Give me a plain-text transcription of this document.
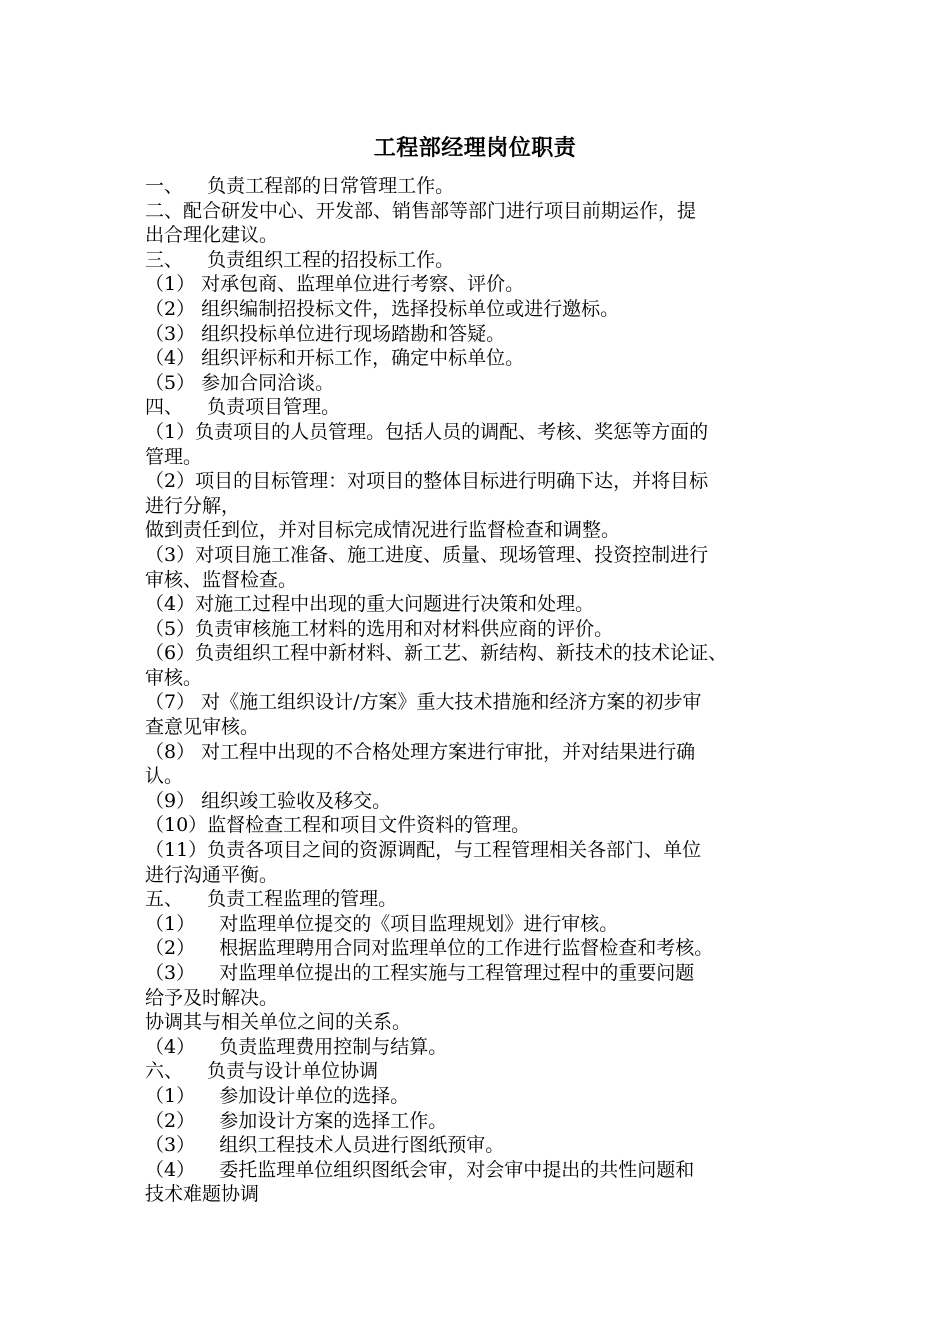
工程部经理岗位职责
一、    负责工程部的日常管理工作。
二、配合研发中心、开发部、销售部等部门进行项目前期运作，提
出合理化建议。
三、    负责组织工程的招投标工作。
（1） 对承包商、监理单位进行考察、评价。
（2） 组织编制招投标文件，选择投标单位或进行邀标。
（3） 组织投标单位进行现场踏勘和答疑。
（4） 组织评标和开标工作，确定中标单位。
（5） 参加合同洽谈。
四、    负责项目管理。
（1）负责项目的人员管理。包括人员的调配、考核、奖惩等方面的
管理。
（2）项目的目标管理：对项目的整体目标进行明确下达，并将目标
进行分解，
做到责任到位，并对目标完成情况进行监督检查和调整。
（3）对项目施工准备、施工进度、质量、现场管理、投资控制进行
审核、监督检查。
（4）对施工过程中出现的重大问题进行决策和处理。
（5）负责审核施工材料的选用和对材料供应商的评价。
（6）负责组织工程中新材料、新工艺、新结构、新技术的技术论证、
审核。
（7） 对《施工组织设计/方案》重大技术措施和经济方案的初步审
查意见审核。
（8） 对工程中出现的不合格处理方案进行审批，并对结果进行确
认。
（9） 组织竣工验收及移交。
（10）监督检查工程和项目文件资料的管理。
（11）负责各项目之间的资源调配，与工程管理相关各部门、单位
进行沟通平衡。
五、    负责工程监理的管理。
（1）    对监理单位提交的《项目监理规划》进行审核。
（2）    根据监理聘用合同对监理单位的工作进行监督检查和考核。
（3）    对监理单位提出的工程实施与工程管理过程中的重要问题
给予及时解决。
协调其与相关单位之间的关系。
（4）    负责监理费用控制与结算。
六、    负责与设计单位协调
（1）    参加设计单位的选择。
（2）    参加设计方案的选择工作。
（3）    组织工程技术人员进行图纸预审。
（4）    委托监理单位组织图纸会审，对会审中提出的共性问题和
技术难题协调
